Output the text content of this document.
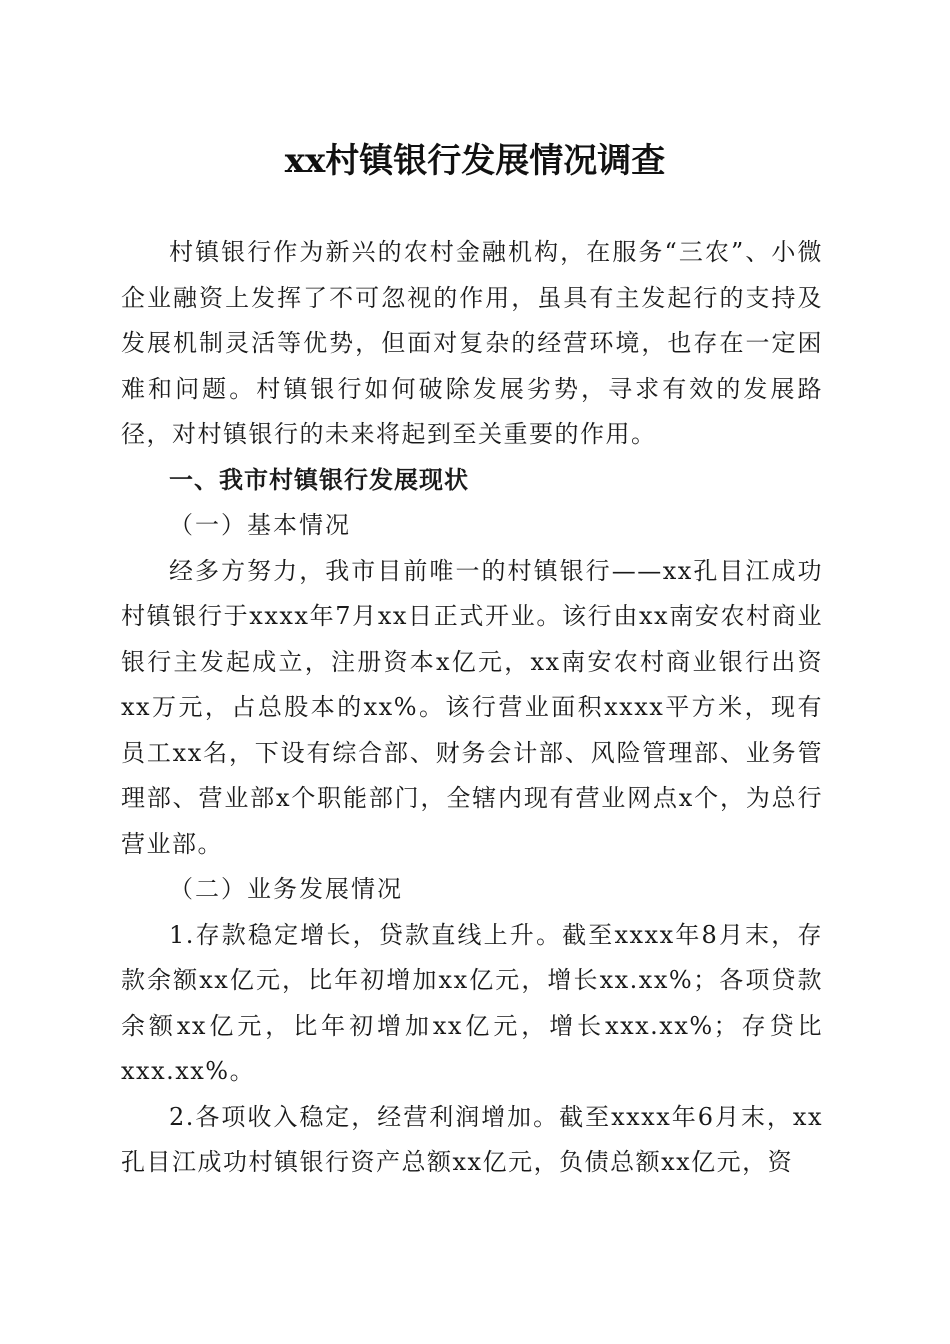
xx村镇银行发展情况调查

村镇银行作为新兴的农村金融机构，在服务“三农”、小微企业融资上发挥了不可忽视的作用，虽具有主发起行的支持及发展机制灵活等优势，但面对复杂的经营环境，也存在一定困难和问题。村镇银行如何破除发展劣势，寻求有效的发展路径，对村镇银行的未来将起到至关重要的作用。

一、我市村镇银行发展现状

（一）基本情况

经多方努力，我市目前唯一的村镇银行——xx孔目江成功村镇银行于xxxx年7月xx日正式开业。该行由xx南安农村商业银行主发起成立，注册资本x亿元，xx南安农村商业银行出资xx万元，占总股本的xx%。该行营业面积xxxx平方米，现有员工xx名，下设有综合部、财务会计部、风险管理部、业务管理部、营业部x个职能部门，全辖内现有营业网点x个，为总行营业部。

（二）业务发展情况

1.存款稳定增长，贷款直线上升。截至xxxx年8月末，存款余额xx亿元，比年初增加xx亿元，增长xx.xx%；各项贷款余额xx亿元，比年初增加xx亿元，增长xxx.xx%；存贷比xxx.xx%。

2.各项收入稳定，经营利润增加。截至xxxx年6月末，xx孔目江成功村镇银行资产总额xx亿元，负债总额xx亿元，资
